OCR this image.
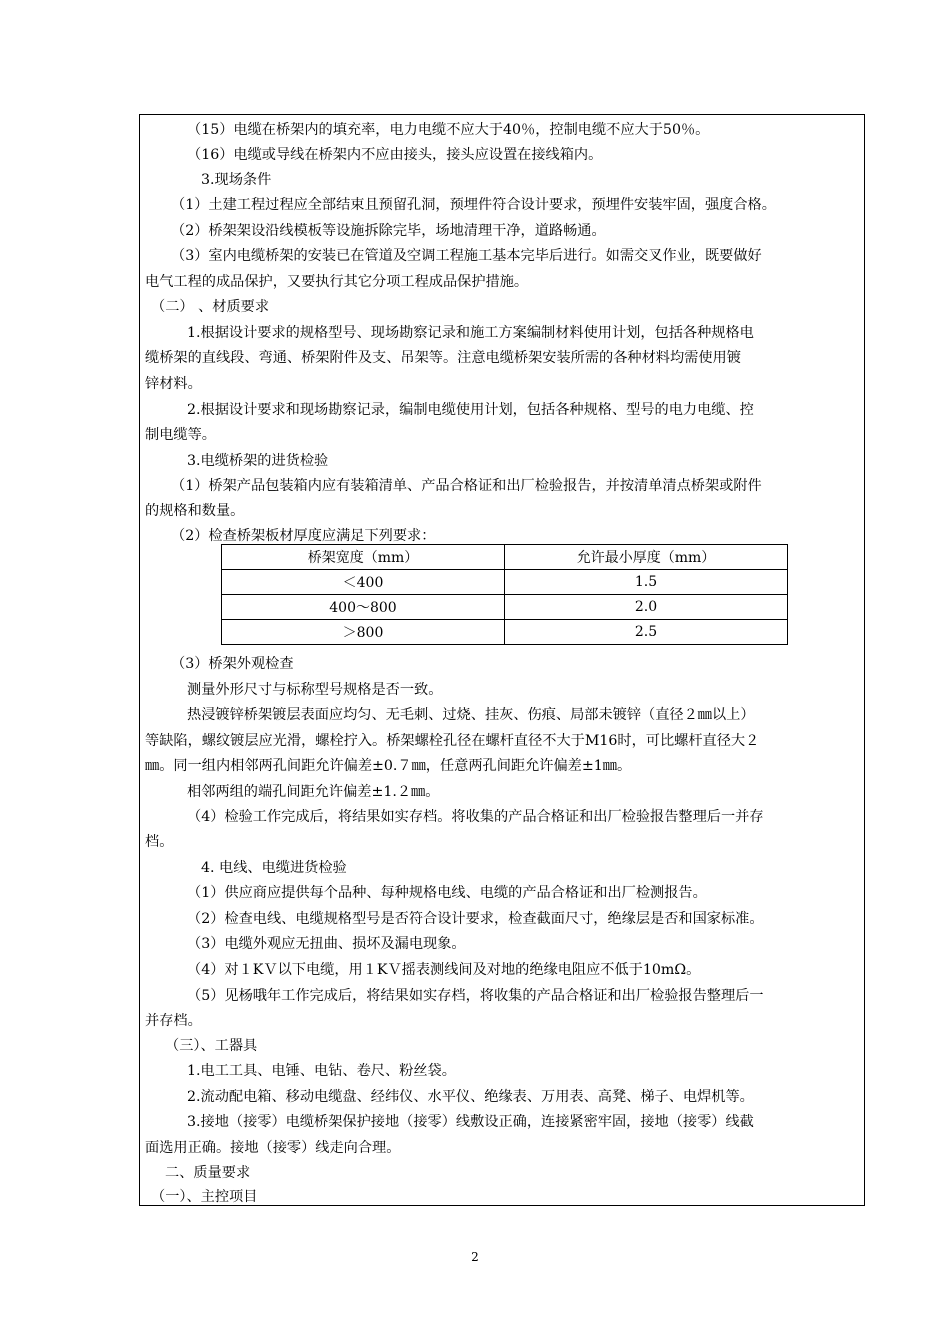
（15）电缆在桥架内的填充率，电力电缆不应大于40％，控制电缆不应大于50％。
（16）电缆或导线在桥架内不应由接头，接头应设置在接线箱内。
3.现场条件
（1）土建工程过程应全部结束且预留孔洞，预埋件符合设计要求，预埋件安装牢固，强度合格。
（2）桥架架设沿线模板等设施拆除完毕，场地清理干净，道路畅通。
（3）室内电缆桥架的安装已在管道及空调工程施工基本完毕后进行。如需交叉作业，既要做好
电气工程的成品保护，又要执行其它分项工程成品保护措施。
（二） 、材质要求
1.根据设计要求的规格型号、现场勘察记录和施工方案编制材料使用计划，包括各种规格电
缆桥架的直线段、弯通、桥架附件及支、吊架等。注意电缆桥架安装所需的各种材料均需使用镀
锌材料。
2.根据设计要求和现场勘察记录，编制电缆使用计划，包括各种规格、型号的电力电缆、控
制电缆等。
3.电缆桥架的进货检验
（1）桥架产品包装箱内应有装箱清单、产品合格证和出厂检验报告，并按清单清点桥架或附件
的规格和数量。
（2）检查桥架板材厚度应满足下列要求：
桥架宽度（mm）	允许最小厚度（mm）
＜400	1.5
400～800	2.0
＞800	2.5
（3）桥架外观检查
测量外形尺寸与标称型号规格是否一致。
热浸镀锌桥架镀层表面应均匀、无毛刺、过烧、挂灰、伤痕、局部未镀锌（直径２㎜以上）
等缺陷，螺纹镀层应光滑，螺栓拧入。桥架螺栓孔径在螺杆直径不大于M16时，可比螺杆直径大２
㎜。同一组内相邻两孔间距允许偏差±0.７㎜，任意两孔间距允许偏差±1㎜。
相邻两组的端孔间距允许偏差±1.２㎜。
（4）检验工作完成后，将结果如实存档。将收集的产品合格证和出厂检验报告整理后一并存
档。
4. 电线、电缆进货检验
（1）供应商应提供每个品种、每种规格电线、电缆的产品合格证和出厂检测报告。
（2）检查电线、电缆规格型号是否符合设计要求，检查截面尺寸，绝缘层是否和国家标准。
（3）电缆外观应无扭曲、损坏及漏电现象。
（4）对１KＶ以下电缆，用１KＶ摇表测线间及对地的绝缘电阻应不低于10mΩ。
（5）见杨哦年工作完成后，将结果如实存档，将收集的产品合格证和出厂检验报告整理后一
并存档。
（三）、工器具
1.电工工具、电锤、电钻、卷尺、粉丝袋。
2.流动配电箱、移动电缆盘、经纬仪、水平仪、绝缘表、万用表、高凳、梯子、电焊机等。
3.接地（接零）电缆桥架保护接地（接零）线敷设正确，连接紧密牢固，接地（接零）线截
面选用正确。接地（接零）线走向合理。
二、质量要求
（一）、主控项目
2
